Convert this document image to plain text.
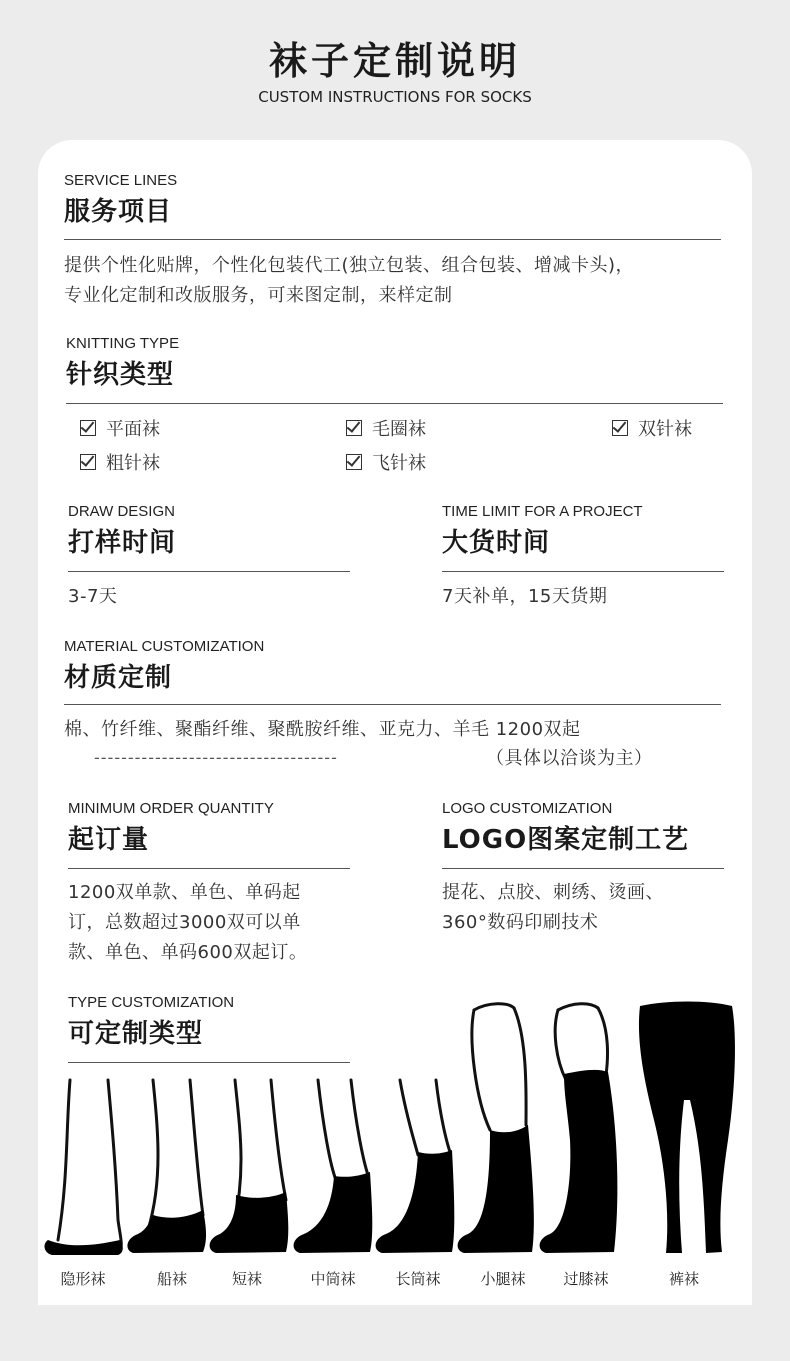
袜子定制说明
CUSTOM INSTRUCTIONS FOR SOCKS
SERVICE LINES
服务项目
提供个性化贴牌，个性化包装代工(独立包装、组合包装、增减卡头)，
专业化定制和改版服务，可来图定制，来样定制
KNITTING TYPE
针织类型
平面袜	毛圈袜	双针袜
粗针袜	飞针袜
DRAW DESIGN
打样时间
3-7天
TIME LIMIT FOR A PROJECT
大货时间
7天补单，15天货期
MATERIAL CUSTOMIZATION
材质定制
棉、竹纤维、聚酯纤维、聚酰胺纤维、亚克力、羊毛 1200双起
------------------------------------	（具体以洽谈为主）
MINIMUM ORDER QUANTITY
起订量
1200双单款、单色、单码起
订，总数超过3000双可以单
款、单色、单码600双起订。
LOGO CUSTOMIZATION
LOGO图案定制工艺
提花、点胶、刺绣、烫画、
360°数码印刷技术
TYPE CUSTOMIZATION
可定制类型
隐形袜	船袜	短袜	中筒袜	长筒袜	小腿袜	过膝袜	裤袜
